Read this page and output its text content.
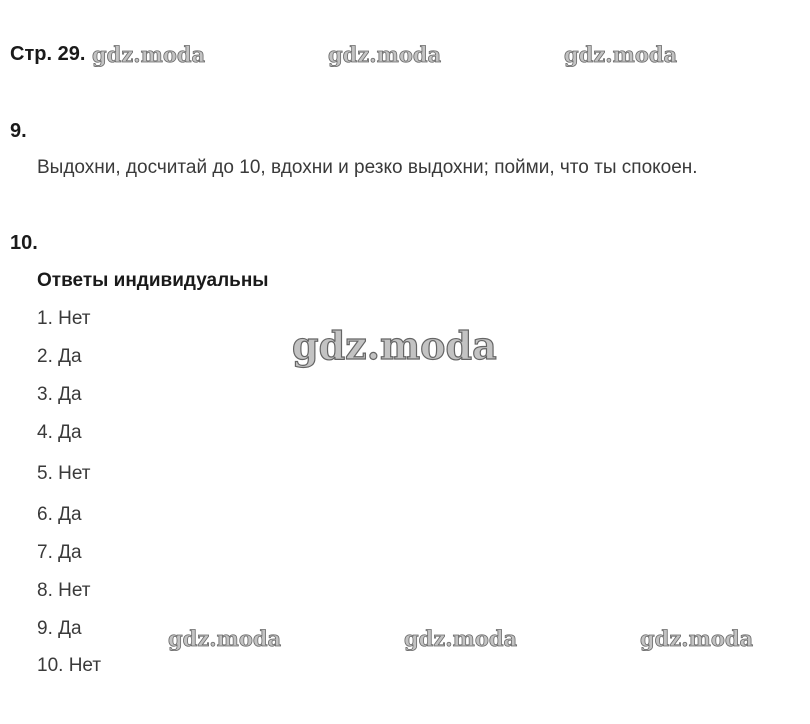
Стр. 29.
9.
Выдохни, досчитай до 10, вдохни и резко выдохни; пойми, что ты спокоен.
10.
Ответы индивидуальны
1. Нет
2. Да
3. Да
4. Да
5. Нет
6. Да
7. Да
8. Нет
9. Да
10. Нет
gdz.moda	gdz.moda	gdz.moda
gdz.moda
gdz.moda	gdz.moda	gdz.moda
